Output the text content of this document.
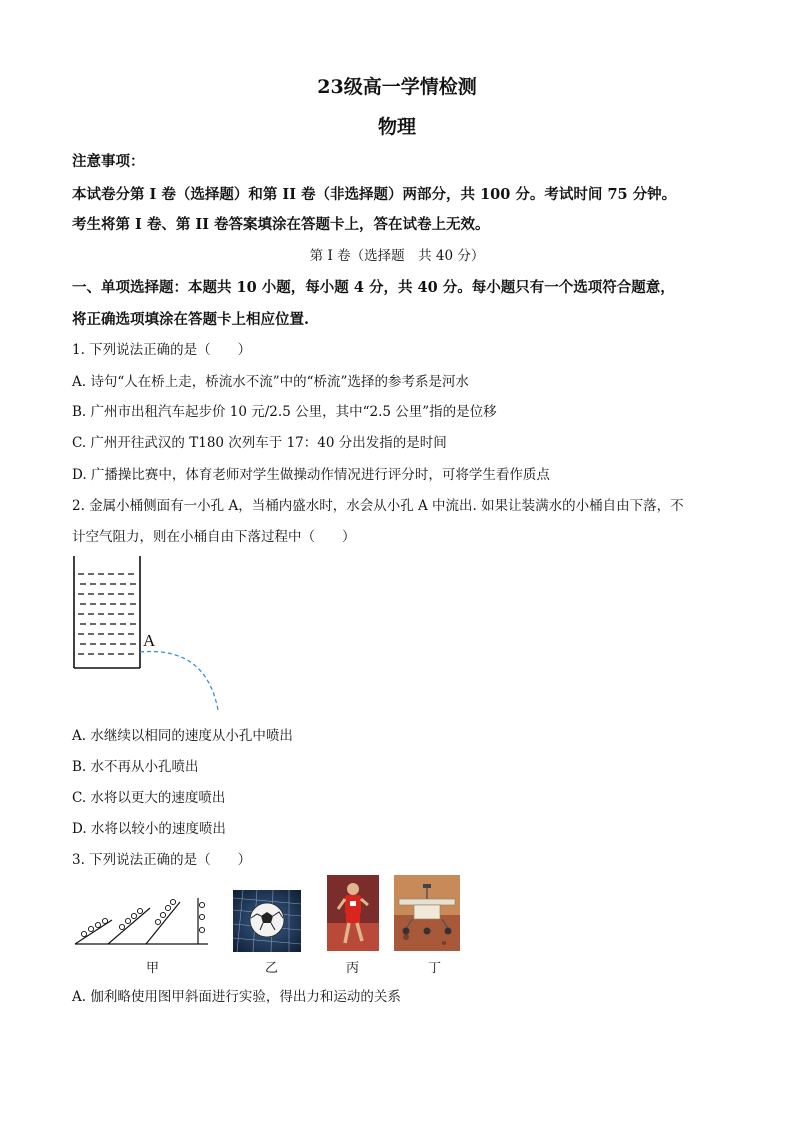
23级高一学情检测
物理
注意事项：
本试卷分第 I 卷（选择题）和第 II 卷（非选择题）两部分，共 100 分。考试时间 75 分钟。
考生将第 I 卷、第 II 卷答案填涂在答题卡上，答在试卷上无效。
第 I 卷（选择题　共 40 分）
一、单项选择题：本题共 10 小题，每小题 4 分，共 40 分。每小题只有一个选项符合题意，
将正确选项填涂在答题卡上相应位置.
1. 下列说法正确的是（　　）
A. 诗句“人在桥上走，桥流水不流”中的“桥流”选择的参考系是河水
B. 广州市出租汽车起步价 10 元/2.5 公里，其中“2.5 公里”指的是位移
C. 广州开往武汉的 T180 次列车于 17：40 分出发指的是时间
D. 广播操比赛中，体育老师对学生做操动作情况进行评分时，可将学生看作质点
2. 金属小桶侧面有一小孔 A，当桶内盛水时，水会从小孔 A 中流出. 如果让装满水的小桶自由下落，不
计空气阻力，则在小桶自由下落过程中（　　）
A
A. 水继续以相同的速度从小孔中喷出
B. 水不再从小孔喷出
C. 水将以更大的速度喷出
D. 水将以较小的速度喷出
3. 下列说法正确的是（　　）
甲	乙	丙	丁
A. 伽利略使用图甲斜面进行实验，得出力和运动的关系
